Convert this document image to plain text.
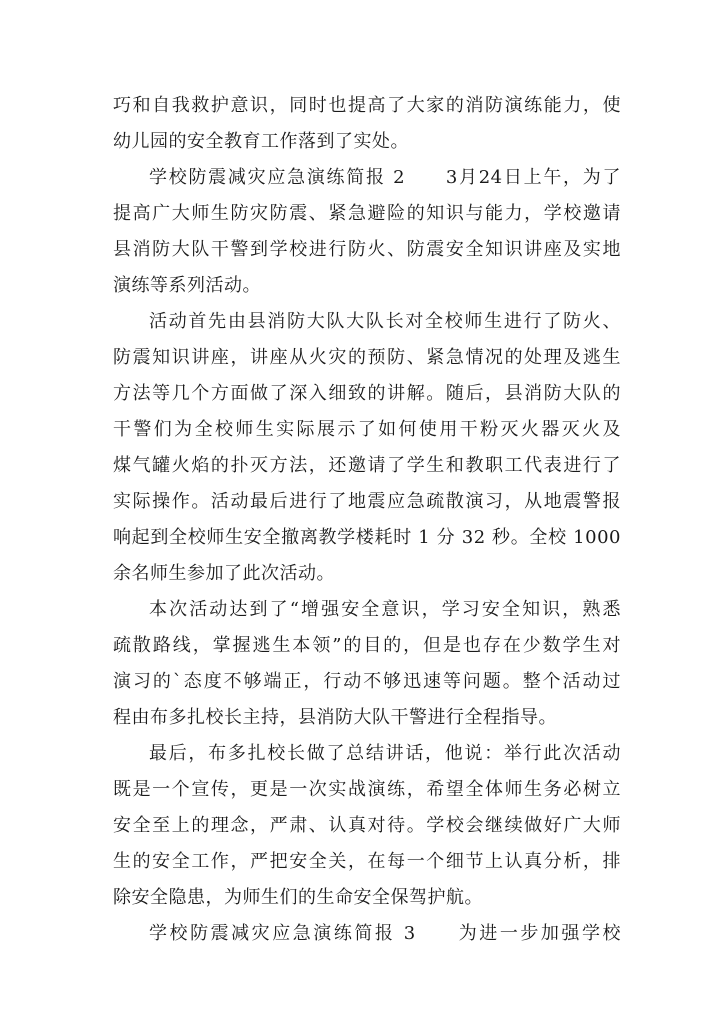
巧和自我救护意识，同时也提高了大家的消防演练能力，使
幼儿园的安全教育工作落到了实处。
学校防震减灾应急演练简报 2　　3月24日上午，为了
提高广大师生防灾防震、紧急避险的知识与能力，学校邀请
县消防大队干警到学校进行防火、防震安全知识讲座及实地
演练等系列活动。
活动首先由县消防大队大队长对全校师生进行了防火、
防震知识讲座，讲座从火灾的预防、紧急情况的处理及逃生
方法等几个方面做了深入细致的讲解。随后，县消防大队的
干警们为全校师生实际展示了如何使用干粉灭火器灭火及
煤气罐火焰的扑灭方法，还邀请了学生和教职工代表进行了
实际操作。活动最后进行了地震应急疏散演习，从地震警报
响起到全校师生安全撤离教学楼耗时 1 分 32 秒。全校 1000
余名师生参加了此次活动。
本次活动达到了“增强安全意识，学习安全知识，熟悉
疏散路线，掌握逃生本领”的目的，但是也存在少数学生对
演习的`态度不够端正，行动不够迅速等问题。整个活动过
程由布多扎校长主持，县消防大队干警进行全程指导。
最后，布多扎校长做了总结讲话，他说：举行此次活动
既是一个宣传，更是一次实战演练，希望全体师生务必树立
安全至上的理念，严肃、认真对待。学校会继续做好广大师
生的安全工作，严把安全关，在每一个细节上认真分析，排
除安全隐患，为师生们的生命安全保驾护航。
学校防震减灾应急演练简报 3　　为进一步加强学校
